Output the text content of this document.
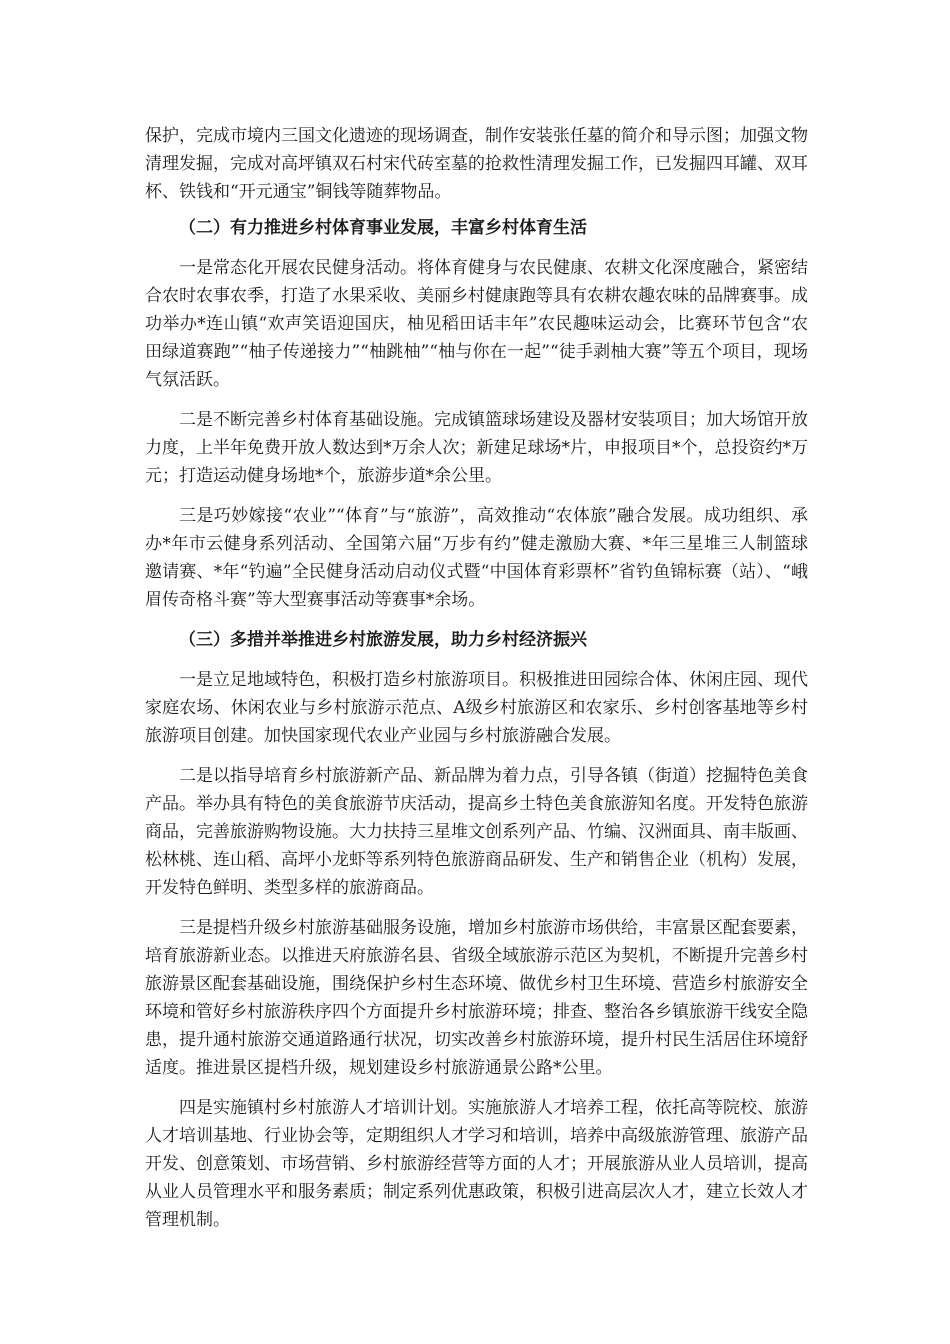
保护，完成市境内三国文化遗迹的现场调查，制作安装张任墓的简介和导示图；加强文物清理发掘，完成对高坪镇双石村宋代砖室墓的抢救性清理发掘工作，已发掘四耳罐、双耳杯、铁钱和“开元通宝”铜钱等随葬物品。

（二）有力推进乡村体育事业发展，丰富乡村体育生活

一是常态化开展农民健身活动。将体育健身与农民健康、农耕文化深度融合，紧密结合农时农事农季，打造了水果采收、美丽乡村健康跑等具有农耕农趣农味的品牌赛事。成功举办*连山镇“欢声笑语迎国庆，柚见稻田话丰年”农民趣味运动会，比赛环节包含“农田绿道赛跑”“柚子传递接力”“柚跳柚”“柚与你在一起”“徒手剥柚大赛”等五个项目，现场气氛活跃。

二是不断完善乡村体育基础设施。完成镇篮球场建设及器材安装项目；加大场馆开放力度，上半年免费开放人数达到*万余人次；新建足球场*片，申报项目*个，总投资约*万元；打造运动健身场地*个，旅游步道*余公里。

三是巧妙嫁接“农业”“体育”与“旅游”，高效推动“农体旅”融合发展。成功组织、承办*年市云健身系列活动、全国第六届“万步有约”健走激励大赛、*年三星堆三人制篮球邀请赛、*年“钓遍”全民健身活动启动仪式暨“中国体育彩票杯”省钓鱼锦标赛（站）、“峨眉传奇格斗赛”等大型赛事活动等赛事*余场。

（三）多措并举推进乡村旅游发展，助力乡村经济振兴

一是立足地域特色，积极打造乡村旅游项目。积极推进田园综合体、休闲庄园、现代家庭农场、休闲农业与乡村旅游示范点、A级乡村旅游区和农家乐、乡村创客基地等乡村旅游项目创建。加快国家现代农业产业园与乡村旅游融合发展。

二是以指导培育乡村旅游新产品、新品牌为着力点，引导各镇（街道）挖掘特色美食产品。举办具有特色的美食旅游节庆活动，提高乡土特色美食旅游知名度。开发特色旅游商品，完善旅游购物设施。大力扶持三星堆文创系列产品、竹编、汉洲面具、南丰版画、松林桃、连山稻、高坪小龙虾等系列特色旅游商品研发、生产和销售企业（机构）发展，开发特色鲜明、类型多样的旅游商品。

三是提档升级乡村旅游基础服务设施，增加乡村旅游市场供给，丰富景区配套要素，培育旅游新业态。以推进天府旅游名县、省级全域旅游示范区为契机，不断提升完善乡村旅游景区配套基础设施，围绕保护乡村生态环境、做优乡村卫生环境、营造乡村旅游安全环境和管好乡村旅游秩序四个方面提升乡村旅游环境；排查、整治各乡镇旅游干线安全隐患，提升通村旅游交通道路通行状况，切实改善乡村旅游环境，提升村民生活居住环境舒适度。推进景区提档升级，规划建设乡村旅游通景公路*公里。

四是实施镇村乡村旅游人才培训计划。实施旅游人才培养工程，依托高等院校、旅游人才培训基地、行业协会等，定期组织人才学习和培训，培养中高级旅游管理、旅游产品开发、创意策划、市场营销、乡村旅游经营等方面的人才；开展旅游从业人员培训，提高从业人员管理水平和服务素质；制定系列优惠政策，积极引进高层次人才，建立长效人才管理机制。
